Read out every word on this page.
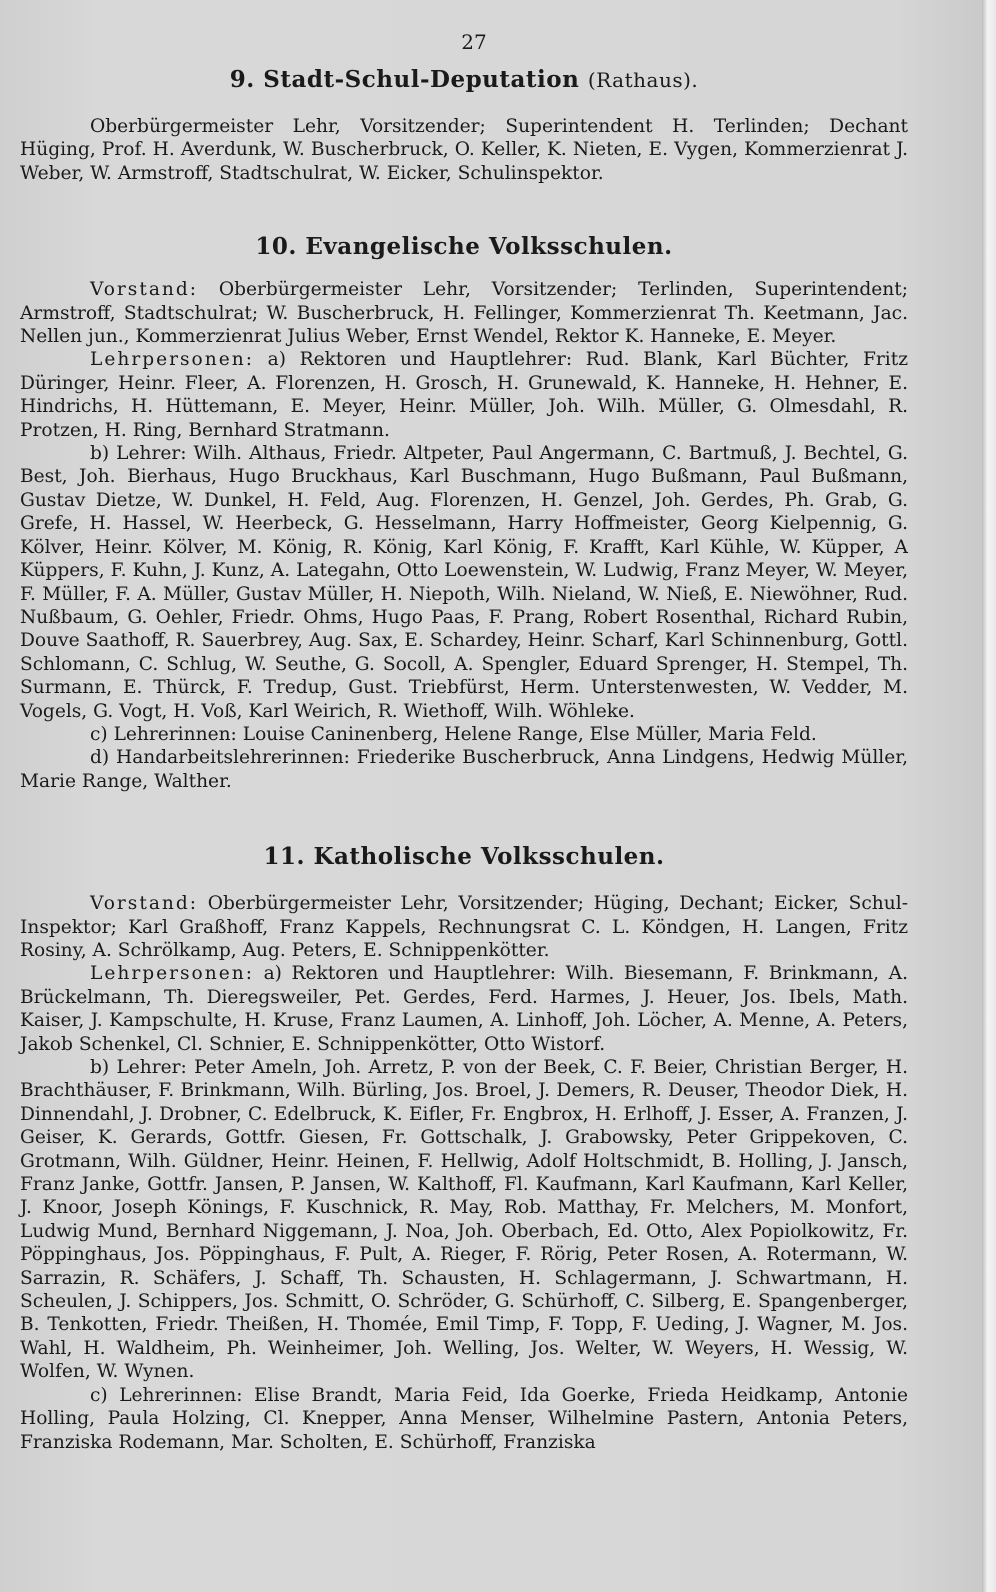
27
9. Stadt-Schul-Deputation (Rathaus).

Oberbürgermeister Lehr, Vorsitzender; Superintendent H. Terlinden; Dechant Hüging, Prof. H. Averdunk, W. Buscherbruck, O. Keller, K. Nieten, E. Vygen, Kommerzienrat J. Weber, W. Armstroff, Stadtschulrat, W. Eicker, Schulinspektor.

10. Evangelische Volksschulen.

Vorstand: Oberbürgermeister Lehr, Vorsitzender; Terlinden, Superintendent; Armstroff, Stadtschulrat; W. Buscherbruck, H. Fellinger, Kommerzienrat Th. Keetmann, Jac. Nellen jun., Kommerzienrat Julius Weber, Ernst Wendel, Rektor K. Hanneke, E. Meyer.

Lehrpersonen: a) Rektoren und Hauptlehrer: Rud. Blank, Karl Büchter, Fritz Düringer, Heinr. Fleer, A. Florenzen, H. Grosch, H. Grunewald, K. Hanneke, H. Hehner, E. Hindrichs, H. Hüttemann, E. Meyer, Heinr. Müller, Joh. Wilh. Müller, G. Olmesdahl, R. Protzen, H. Ring, Bernhard Stratmann.

b) Lehrer: Wilh. Althaus, Friedr. Altpeter, Paul Angermann, C. Bartmuß, J. Bechtel, G. Best, Joh. Bierhaus, Hugo Bruckhaus, Karl Buschmann, Hugo Bußmann, Paul Bußmann, Gustav Dietze, W. Dunkel, H. Feld, Aug. Florenzen, H. Genzel, Joh. Gerdes, Ph. Grab, G. Grefe, H. Hassel, W. Heerbeck, G. Hesselmann, Harry Hoffmeister, Georg Kielpennig, G. Kölver, Heinr. Kölver, M. König, R. König, Karl König, F. Krafft, Karl Kühle, W. Küpper, A Küppers, F. Kuhn, J. Kunz, A. Lategahn, Otto Loewenstein, W. Ludwig, Franz Meyer, W. Meyer, F. Müller, F. A. Müller, Gustav Müller, H. Niepoth, Wilh. Nieland, W. Nieß, E. Niewöhner, Rud. Nußbaum, G. Oehler, Friedr. Ohms, Hugo Paas, F. Prang, Robert Rosenthal, Richard Rubin, Douve Saathoff, R. Sauerbrey, Aug. Sax, E. Schardey, Heinr. Scharf, Karl Schinnenburg, Gottl. Schlomann, C. Schlug, W. Seuthe, G. Socoll, A. Spengler, Eduard Sprenger, H. Stempel, Th. Surmann, E. Thürck, F. Tredup, Gust. Triebfürst, Herm. Unterstenwesten, W. Vedder, M. Vogels, G. Vogt, H. Voß, Karl Weirich, R. Wiethoff, Wilh. Wöhleke.

c) Lehrerinnen: Louise Caninenberg, Helene Range, Else Müller, Maria Feld.

d) Handarbeitslehrerinnen: Friederike Buscherbruck, Anna Lindgens, Hedwig Müller, Marie Range, Walther.

11. Katholische Volksschulen.

Vorstand: Oberbürgermeister Lehr, Vorsitzender; Hüging, Dechant; Eicker, Schul-Inspektor; Karl Graßhoff, Franz Kappels, Rechnungsrat C. L. Köndgen, H. Langen, Fritz Rosiny, A. Schrölkamp, Aug. Peters, E. Schnippenkötter.

Lehrpersonen: a) Rektoren und Hauptlehrer: Wilh. Biesemann, F. Brinkmann, A. Brückelmann, Th. Dieregsweiler, Pet. Gerdes, Ferd. Harmes, J. Heuer, Jos. Ibels, Math. Kaiser, J. Kampschulte, H. Kruse, Franz Laumen, A. Linhoff, Joh. Löcher, A. Menne, A. Peters, Jakob Schenkel, Cl. Schnier, E. Schnippenkötter, Otto Wistorf.

b) Lehrer: Peter Ameln, Joh. Arretz, P. von der Beek, C. F. Beier, Christian Berger, H. Brachthäuser, F. Brinkmann, Wilh. Bürling, Jos. Broel, J. Demers, R. Deuser, Theodor Diek, H. Dinnendahl, J. Drobner, C. Edelbruck, K. Eifler, Fr. Engbrox, H. Erlhoff, J. Esser, A. Franzen, J. Geiser, K. Gerards, Gottfr. Giesen, Fr. Gottschalk, J. Grabowsky, Peter Grippekoven, C. Grotmann, Wilh. Güldner, Heinr. Heinen, F. Hellwig, Adolf Holtschmidt, B. Holling, J. Jansch, Franz Janke, Gottfr. Jansen, P. Jansen, W. Kalthoff, Fl. Kaufmann, Karl Kaufmann, Karl Keller, J. Knoor, Joseph Könings, F. Kuschnick, R. May, Rob. Matthay, Fr. Melchers, M. Monfort, Ludwig Mund, Bernhard Niggemann, J. Noa, Joh. Oberbach, Ed. Otto, Alex Popiolkowitz, Fr. Pöppinghaus, Jos. Pöppinghaus, F. Pult, A. Rieger, F. Rörig, Peter Rosen, A. Rotermann, W. Sarrazin, R. Schäfers, J. Schaff, Th. Schausten, H. Schlagermann, J. Schwartmann, H. Scheulen, J. Schippers, Jos. Schmitt, O. Schröder, G. Schürhoff, C. Silberg, E. Spangenberger, B. Tenkotten, Friedr. Theißen, H. Thomée, Emil Timp, F. Topp, F. Ueding, J. Wagner, M. Jos. Wahl, H. Waldheim, Ph. Weinheimer, Joh. Welling, Jos. Welter, W. Weyers, H. Wessig, W. Wolfen, W. Wynen.

c) Lehrerinnen: Elise Brandt, Maria Feid, Ida Goerke, Frieda Heidkamp, Antonie Holling, Paula Holzing, Cl. Knepper, Anna Menser, Wilhelmine Pastern, Antonia Peters, Franziska Rodemann, Mar. Scholten, E. Schürhoff, Franziska
